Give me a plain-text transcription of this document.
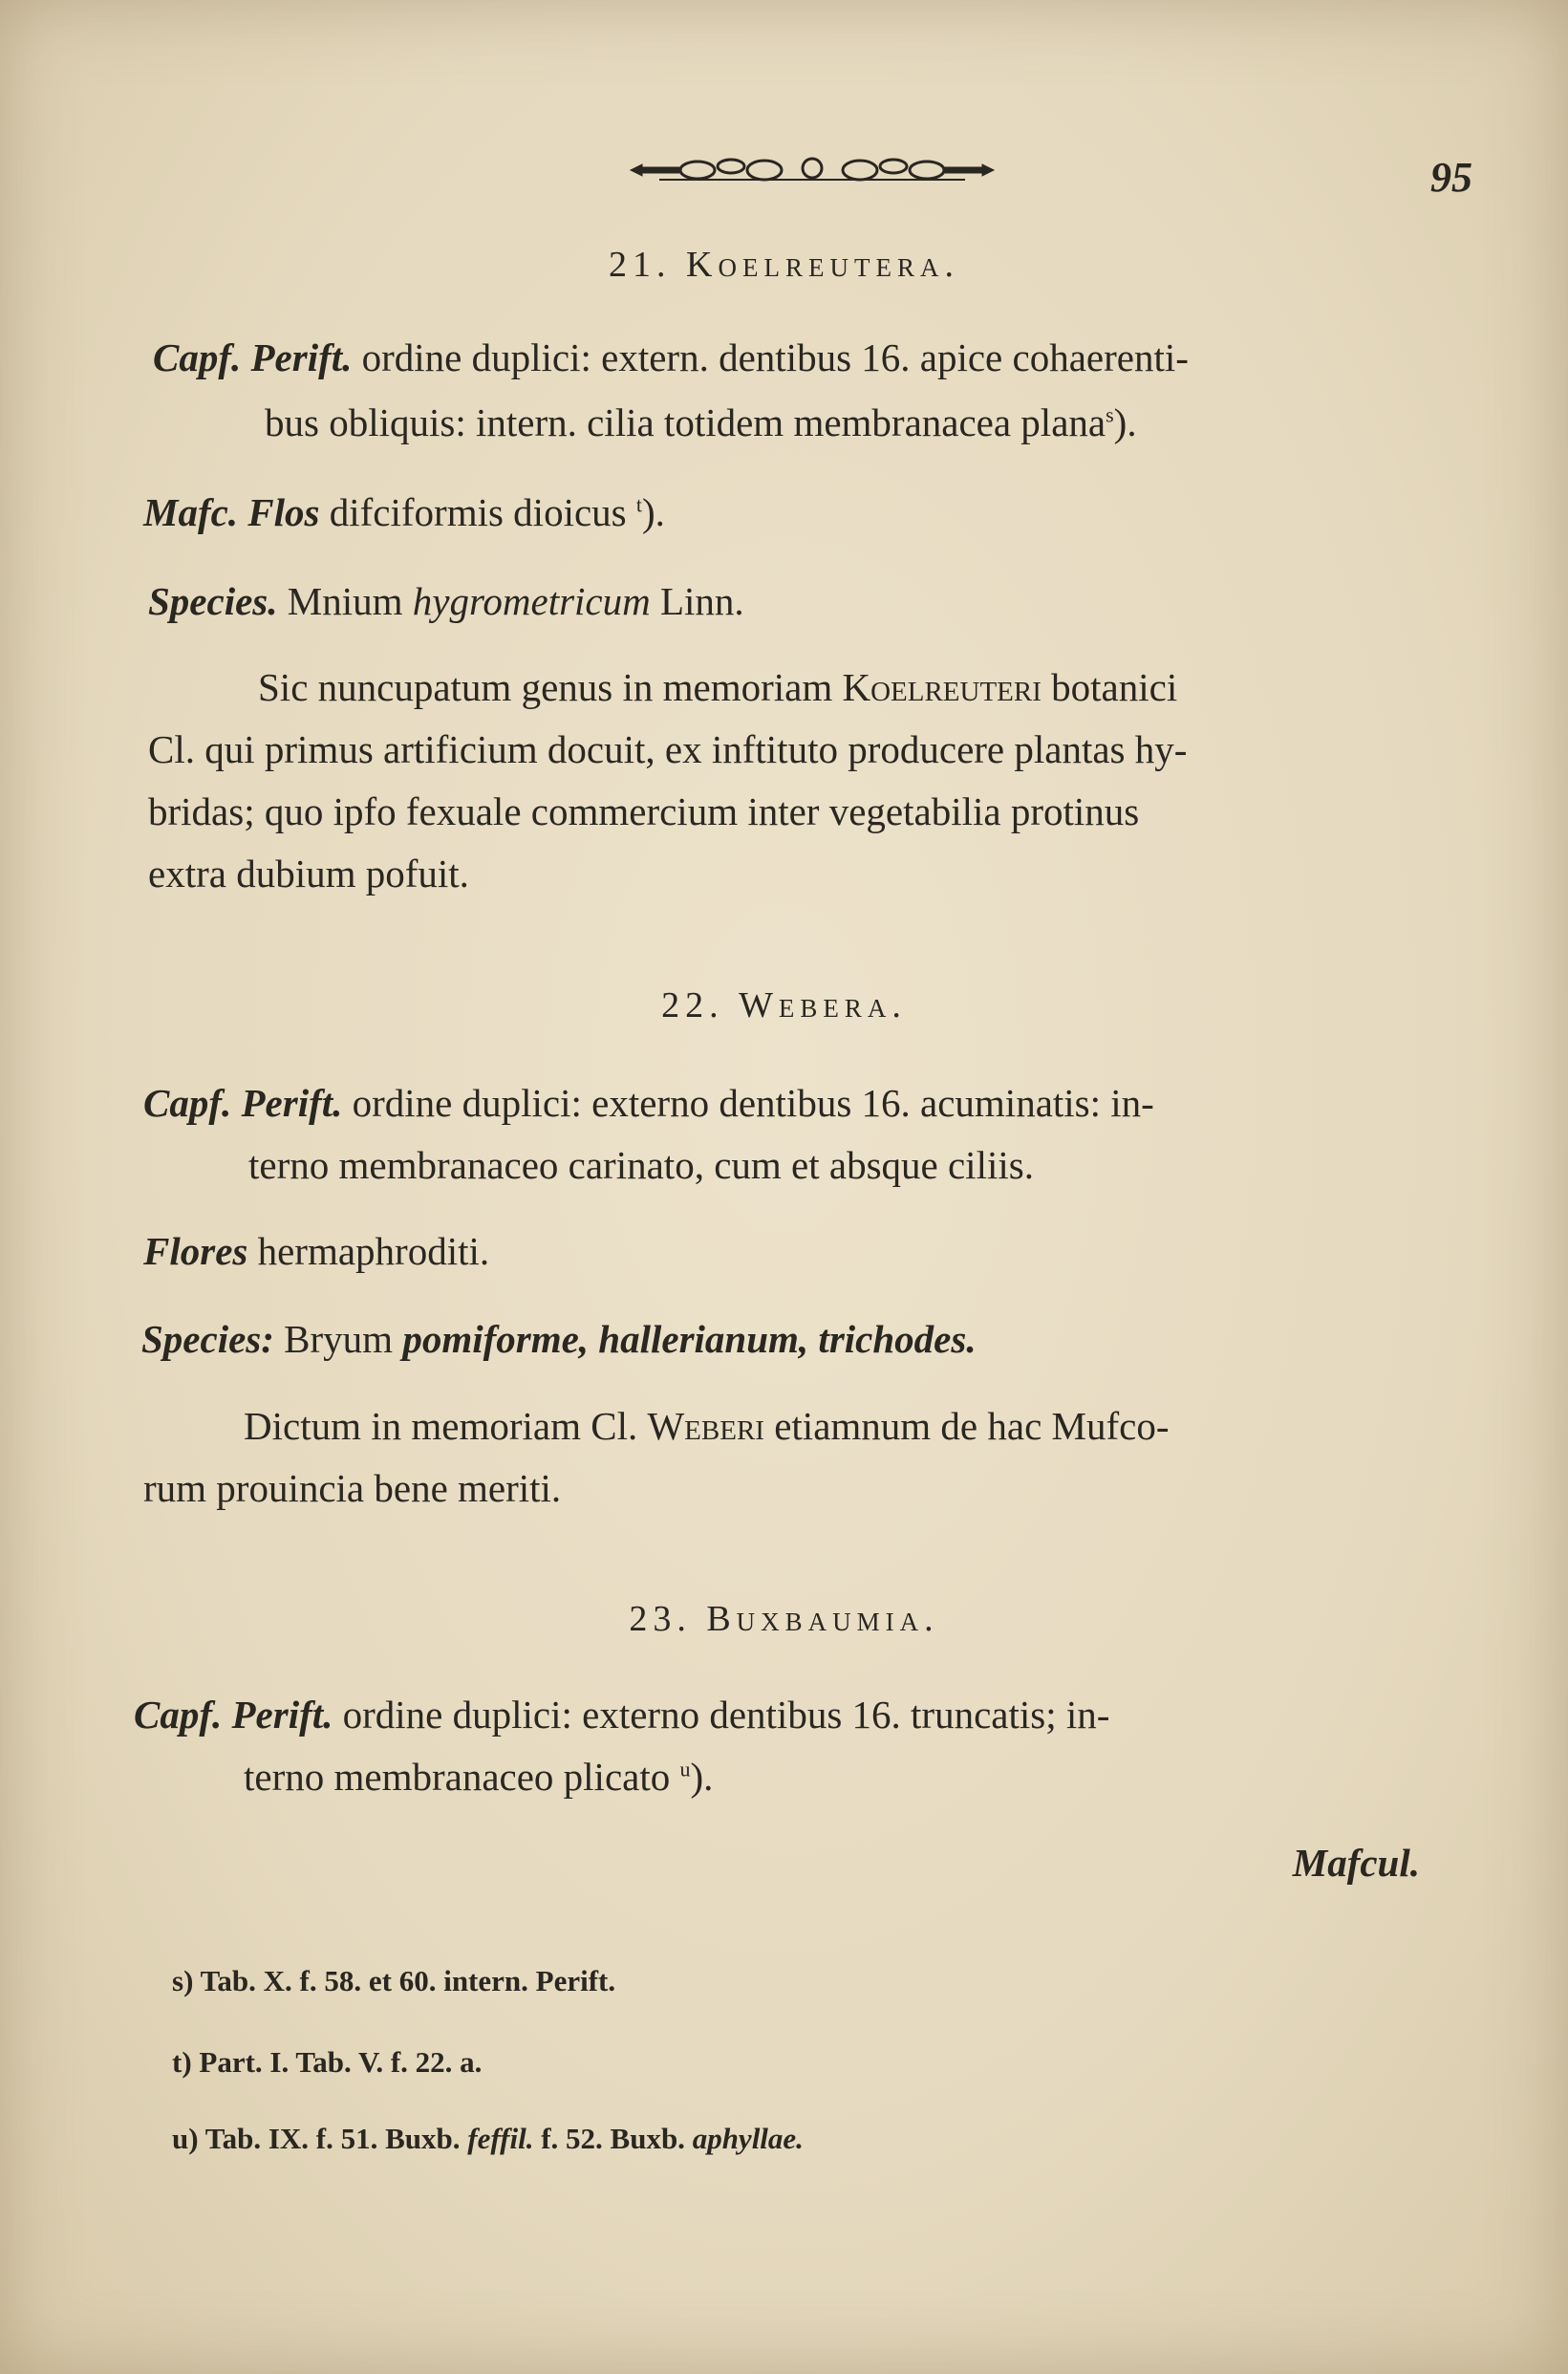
95
21. Koelreutera.
Capf. Perift. ordine duplici: extern. dentibus 16. apice cohaerenti-
bus obliquis: intern. cilia totidem membranacea plana$^s$).
Mafc. Flos difciformis dioicus $^t$).
Species. Mnium hygrometricum Linn.
Sic nuncupatum genus in memoriam Koelreuteri botanici
Cl. qui primus artificium docuit, ex inftituto producere plantas hy-
bridas; quo ipfo fexuale commercium inter vegetabilia protinus
extra dubium pofuit.
22. Webera.
Capf. Perift. ordine duplici: externo dentibus 16. acuminatis: in-
terno membranaceo carinato, cum et absque ciliis.
Flores hermaphroditi.
Species: Bryum pomiforme, hallerianum, trichodes.
Dictum in memoriam Cl. Weberi etiamnum de hac Mufco-
rum prouincia bene meriti.
23. Buxbaumia.
Capf. Perift. ordine duplici: externo dentibus 16. truncatis; in-
terno membranaceo plicato $^u$).
Mafcul.
s) Tab. X. f. 58. et 60. intern. Perift.
t) Part. I. Tab. V. f. 22. a.
u) Tab. IX. f. 51. Buxb. feffil. f. 52. Buxb. aphyllae.
